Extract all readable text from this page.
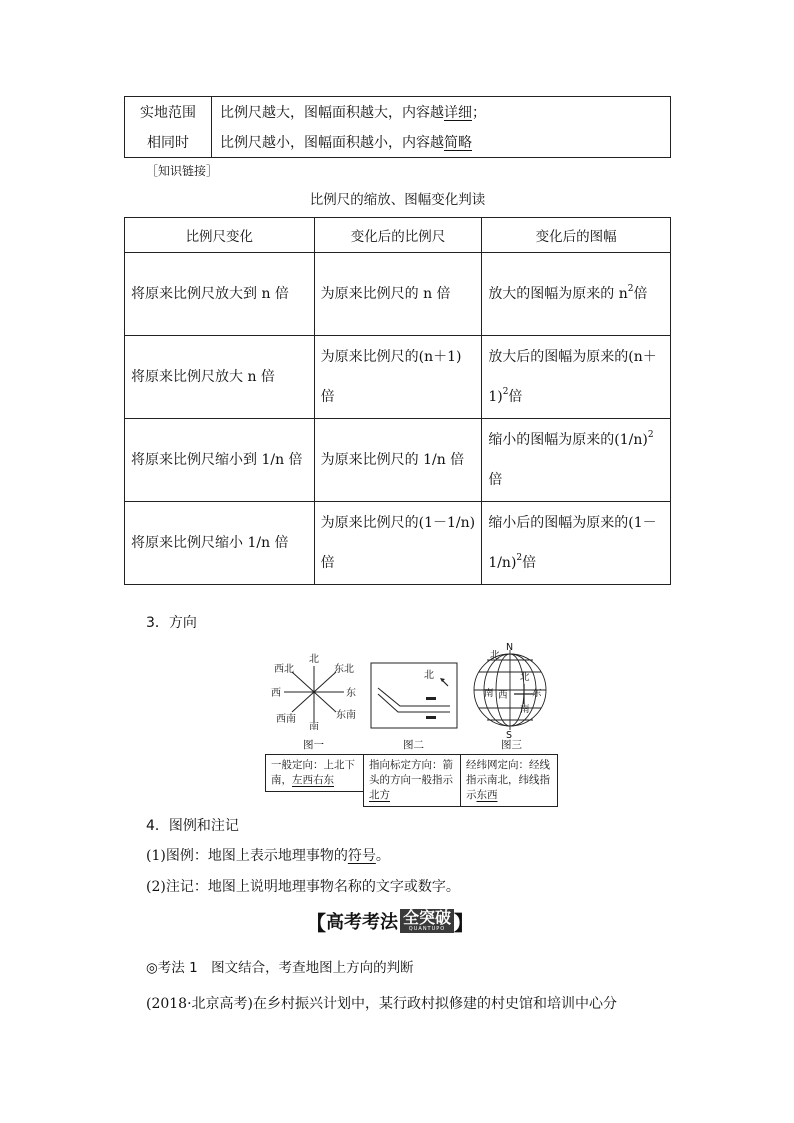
实地范围	比例尺越大，图幅面积越大，内容越详细；
相同时	比例尺越小，图幅面积越小，内容越简略
［知识链接］
比例尺的缩放、图幅变化判读
比例尺变化	变化后的比例尺	变化后的图幅
将原来比例尺放大到 n 倍	为原来比例尺的 n 倍	放大的图幅为原来的 $n^2$倍
将原来比例尺放大 n 倍	为原来比例尺的(n＋1)倍	放大后的图幅为原来的$(n+1)^2$倍
将原来比例尺缩小到 1/n 倍	为原来比例尺的 1/n 倍	缩小的图幅为原来的$(1/n)^2$倍
将原来比例尺缩小 1/n 倍	为原来比例尺的(1－1/n)倍	缩小后的图幅为原来的$(1-1/n)^2$倍
3．方向
北
南
西	东
西北	东北
西南	东南
图一
一般定向：上北下南，左西右东
北
图二
指向标定方向：箭头的方向一般指示北方
N
S
北
北
南
南
西	东
图三
经纬网定向：经线指示南北，纬线指示东西
4．图例和注记
(1)图例：地图上表示地理事物的符号。
(2)注记：地图上说明地理事物名称的文字或数字。
【 高考考法 全突破
QUANTUPO 】
◎考法 1　图文结合，考查地图上方向的判断
(2018·北京高考)在乡村振兴计划中，某行政村拟修建的村史馆和培训中心分
